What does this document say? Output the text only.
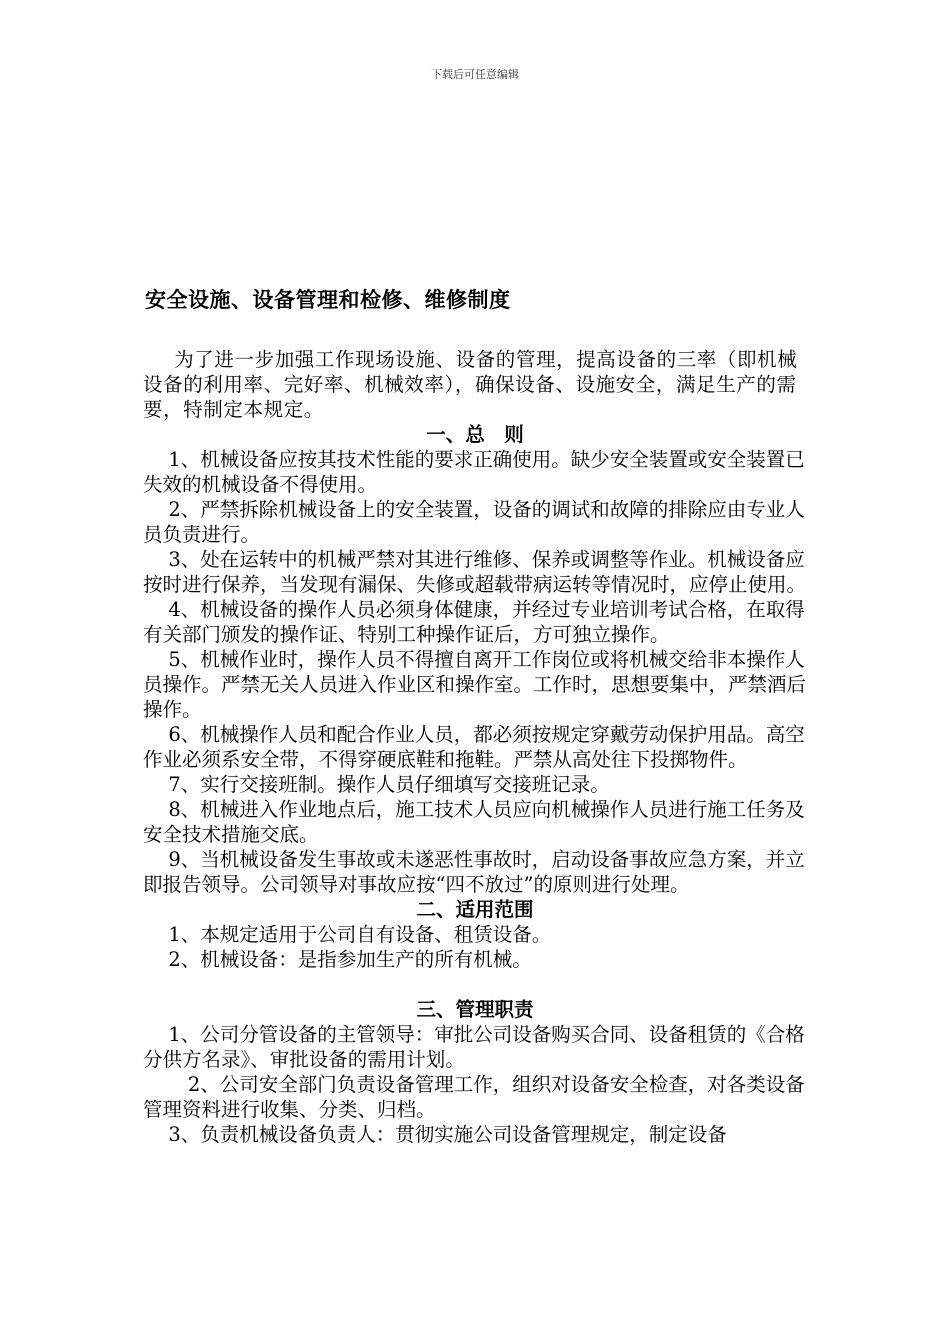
下载后可任意编辑
安全设施、设备管理和检修、维修制度

为了进一步加强工作现场设施、设备的管理，提高设备的三率（即机械设备的利用率、完好率、机械效率），确保设备、设施安全，满足生产的需要，特制定本规定。

一、总　则

1、机械设备应按其技术性能的要求正确使用。缺少安全装置或安全装置已失效的机械设备不得使用。

2、严禁拆除机械设备上的安全装置，设备的调试和故障的排除应由专业人员负责进行。

3、处在运转中的机械严禁对其进行维修、保养或调整等作业。机械设备应按时进行保养，当发现有漏保、失修或超载带病运转等情况时，应停止使用。

4、机械设备的操作人员必须身体健康，并经过专业培训考试合格，在取得有关部门颁发的操作证、特别工种操作证后，方可独立操作。

5、机械作业时，操作人员不得擅自离开工作岗位或将机械交给非本操作人员操作。严禁无关人员进入作业区和操作室。工作时，思想要集中，严禁酒后操作。

6、机械操作人员和配合作业人员，都必须按规定穿戴劳动保护用品。高空作业必须系安全带，不得穿硬底鞋和拖鞋。严禁从高处往下投掷物件。

7、实行交接班制。操作人员仔细填写交接班记录。

8、机械进入作业地点后，施工技术人员应向机械操作人员进行施工任务及安全技术措施交底。

9、当机械设备发生事故或未遂恶性事故时，启动设备事故应急方案，并立即报告领导。公司领导对事故应按“四不放过”的原则进行处理。

二、适用范围

1、本规定适用于公司自有设备、租赁设备。

2、机械设备：是指参加生产的所有机械。

三、管理职责

1、公司分管设备的主管领导：审批公司设备购买合同、设备租赁的《合格分供方名录》、审批设备的需用计划。

2、公司安全部门负责设备管理工作，组织对设备安全检查，对各类设备管理资料进行收集、分类、归档。

3、负责机械设备负责人：贯彻实施公司设备管理规定，制定设备
